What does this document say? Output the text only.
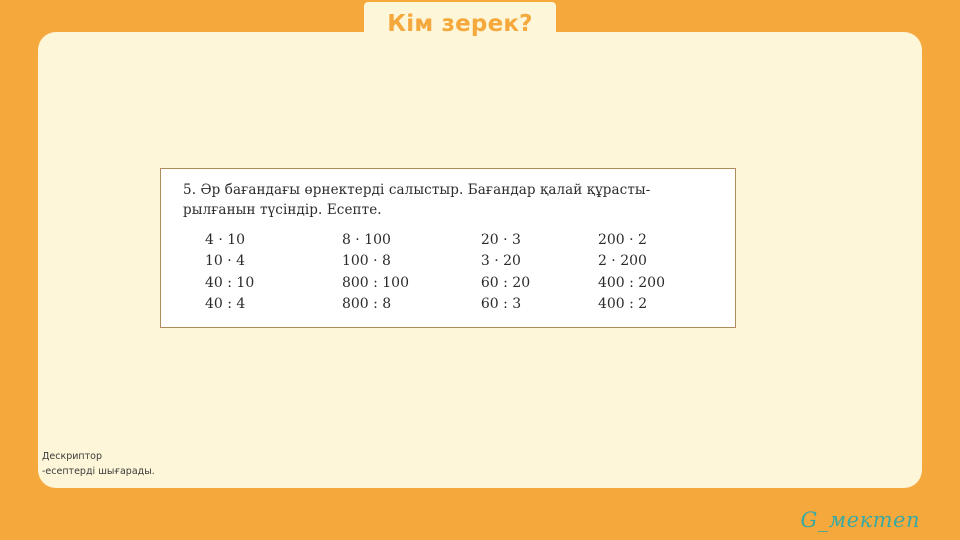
Кім зерек?
5. Әр бағандағы өрнектерді салыстыр. Бағандар қалай құрасты-
рылғанын түсіндір. Есепте.
4 · 10
10 · 4
40 : 10
40 : 4
8 · 100
100 · 8
800 : 100
800 : 8
20 · 3
3 · 20
60 : 20
60 : 3
200 · 2
2 · 200
400 : 200
400 : 2
Дескриптор
-есептерді шығарады.
G_мектеп
